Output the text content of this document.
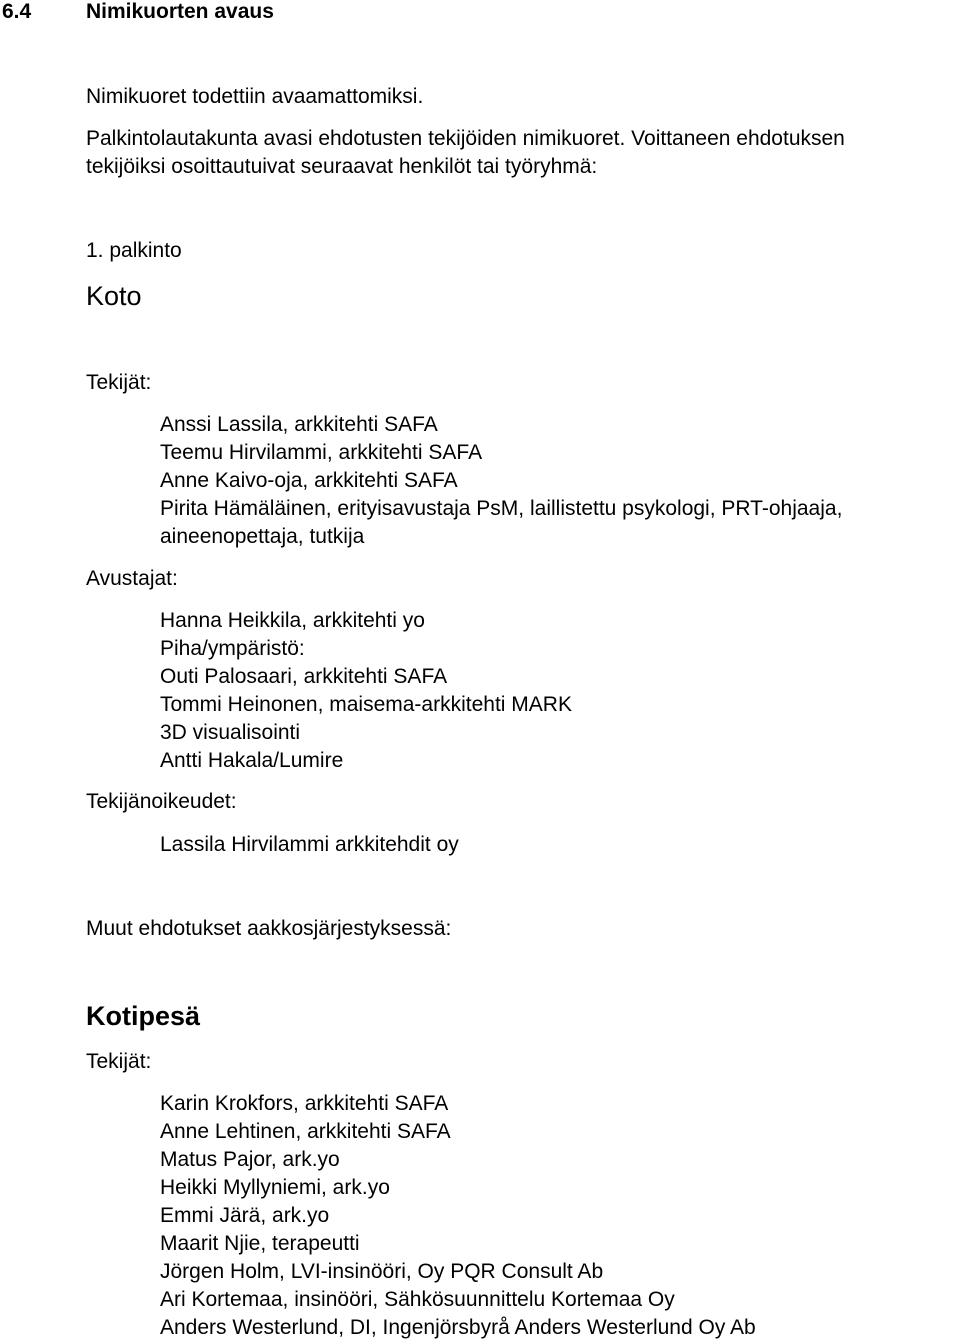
6.4	Nimikuorten avaus
Nimikuoret todettiin avaamattomiksi.
Palkintolautakunta avasi ehdotusten tekijöiden nimikuoret. Voittaneen ehdotuksen
tekijöiksi osoittautuivat seuraavat henkilöt tai työryhmä:
1. palkinto
Koto
Tekijät:
Anssi Lassila, arkkitehti SAFA
Teemu Hirvilammi, arkkitehti SAFA
Anne Kaivo-oja, arkkitehti SAFA
Pirita Hämäläinen, erityisavustaja PsM, laillistettu psykologi, PRT-ohjaaja,
aineenopettaja, tutkija
Avustajat:
Hanna Heikkila, arkkitehti yo
Piha/ympäristö:
Outi Palosaari, arkkitehti SAFA
Tommi Heinonen, maisema-arkkitehti MARK
3D visualisointi
Antti Hakala/Lumire
Tekijänoikeudet:
Lassila Hirvilammi arkkitehdit oy
Muut ehdotukset aakkosjärjestyksessä:
Kotipesä
Tekijät:
Karin Krokfors, arkkitehti SAFA
Anne Lehtinen, arkkitehti SAFA
Matus Pajor, ark.yo
Heikki Myllyniemi, ark.yo
Emmi Järä, ark.yo
Maarit Njie, terapeutti
Jörgen Holm, LVI-insinööri, Oy PQR Consult Ab
Ari Kortemaa, insinööri, Sähkösuunnittelu Kortemaa Oy
Anders Westerlund, DI, Ingenjörsbyrå Anders Westerlund Oy Ab
